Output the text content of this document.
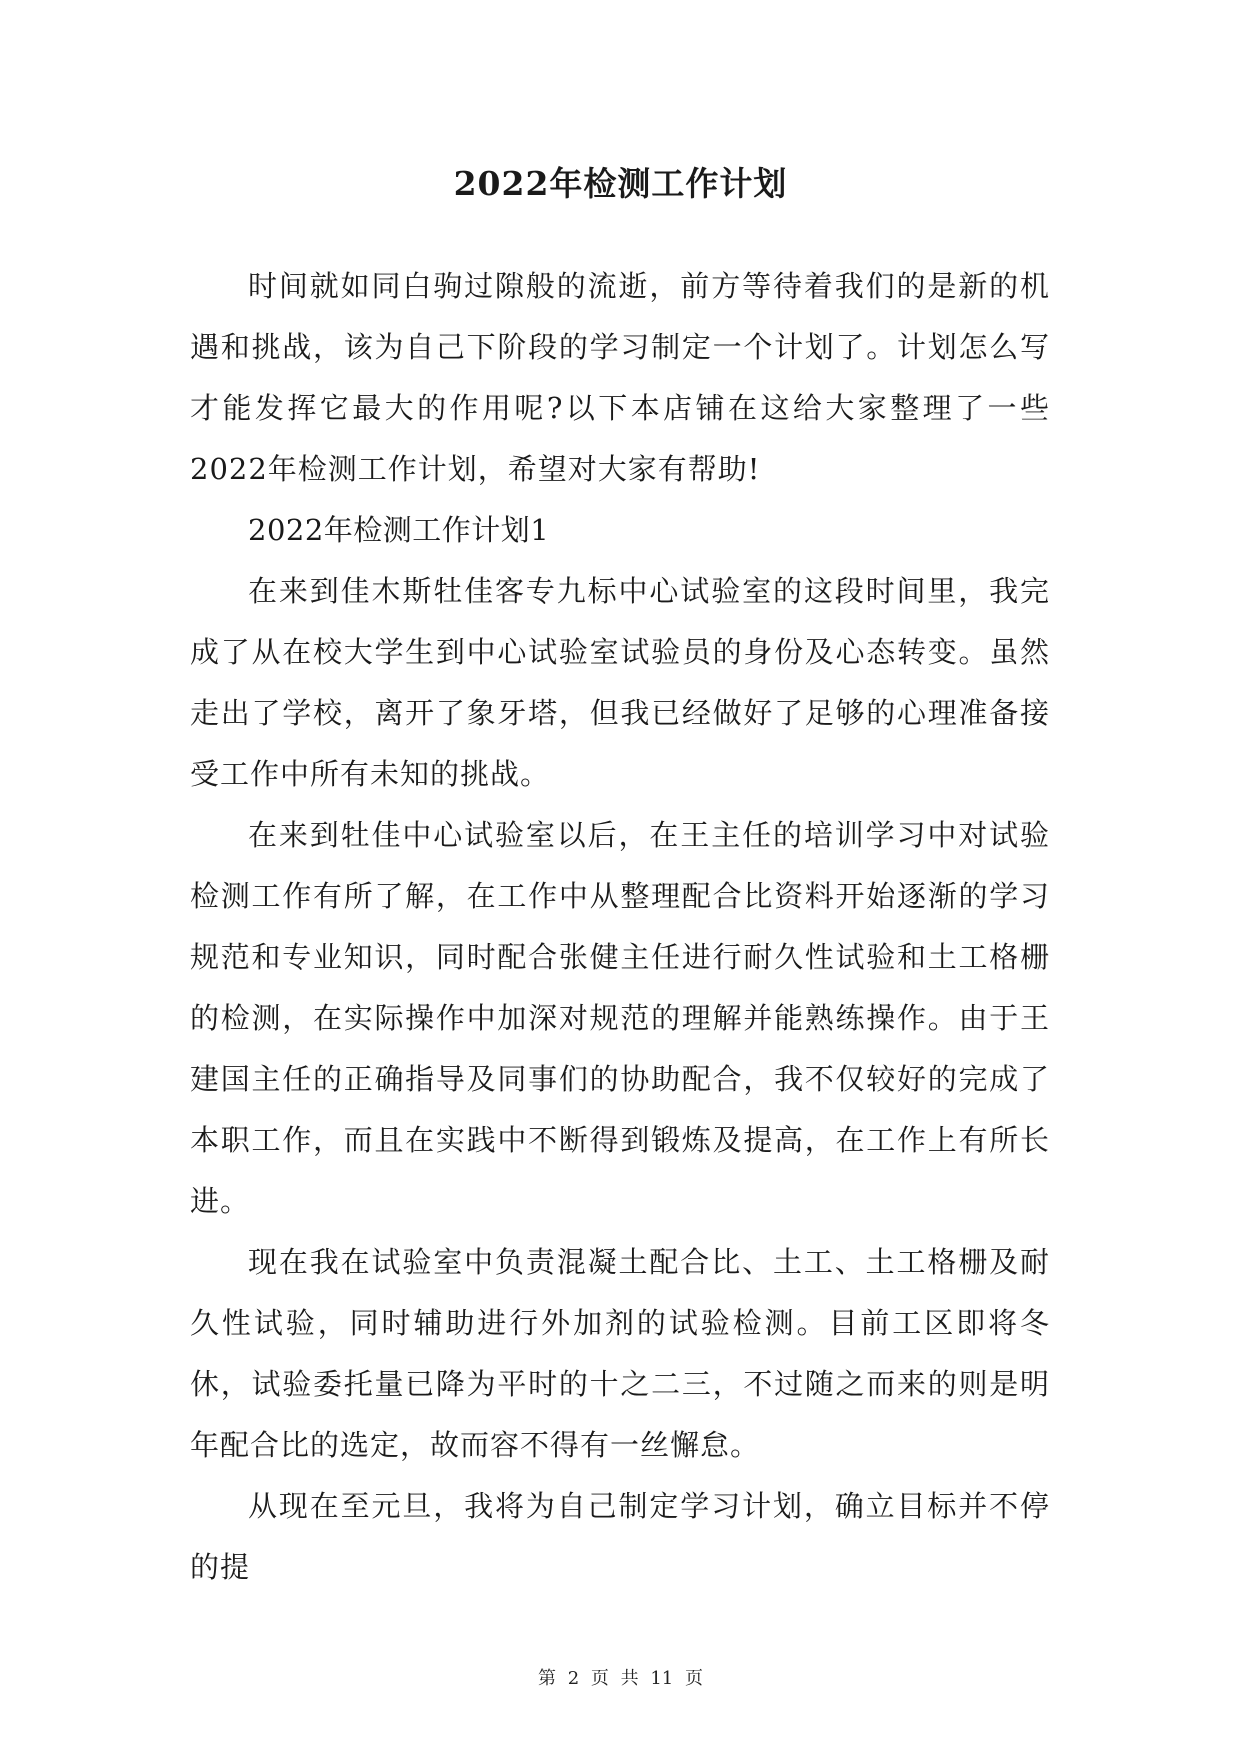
2022年检测工作计划

时间就如同白驹过隙般的流逝，前方等待着我们的是新的机遇和挑战，该为自己下阶段的学习制定一个计划了。计划怎么写才能发挥它最大的作用呢?以下本店铺在这给大家整理了一些2022年检测工作计划，希望对大家有帮助!

2022年检测工作计划1

在来到佳木斯牡佳客专九标中心试验室的这段时间里，我完成了从在校大学生到中心试验室试验员的身份及心态转变。虽然走出了学校，离开了象牙塔，但我已经做好了足够的心理准备接受工作中所有未知的挑战。

在来到牡佳中心试验室以后，在王主任的培训学习中对试验检测工作有所了解，在工作中从整理配合比资料开始逐渐的学习规范和专业知识，同时配合张健主任进行耐久性试验和土工格栅的检测，在实际操作中加深对规范的理解并能熟练操作。由于王建国主任的正确指导及同事们的协助配合，我不仅较好的完成了本职工作，而且在实践中不断得到锻炼及提高，在工作上有所长进。

现在我在试验室中负责混凝土配合比、土工、土工格栅及耐久性试验，同时辅助进行外加剂的试验检测。目前工区即将冬休，试验委托量已降为平时的十之二三，不过随之而来的则是明年配合比的选定，故而容不得有一丝懈怠。

从现在至元旦，我将为自己制定学习计划，确立目标并不停的提

第 2 页 共 11 页
